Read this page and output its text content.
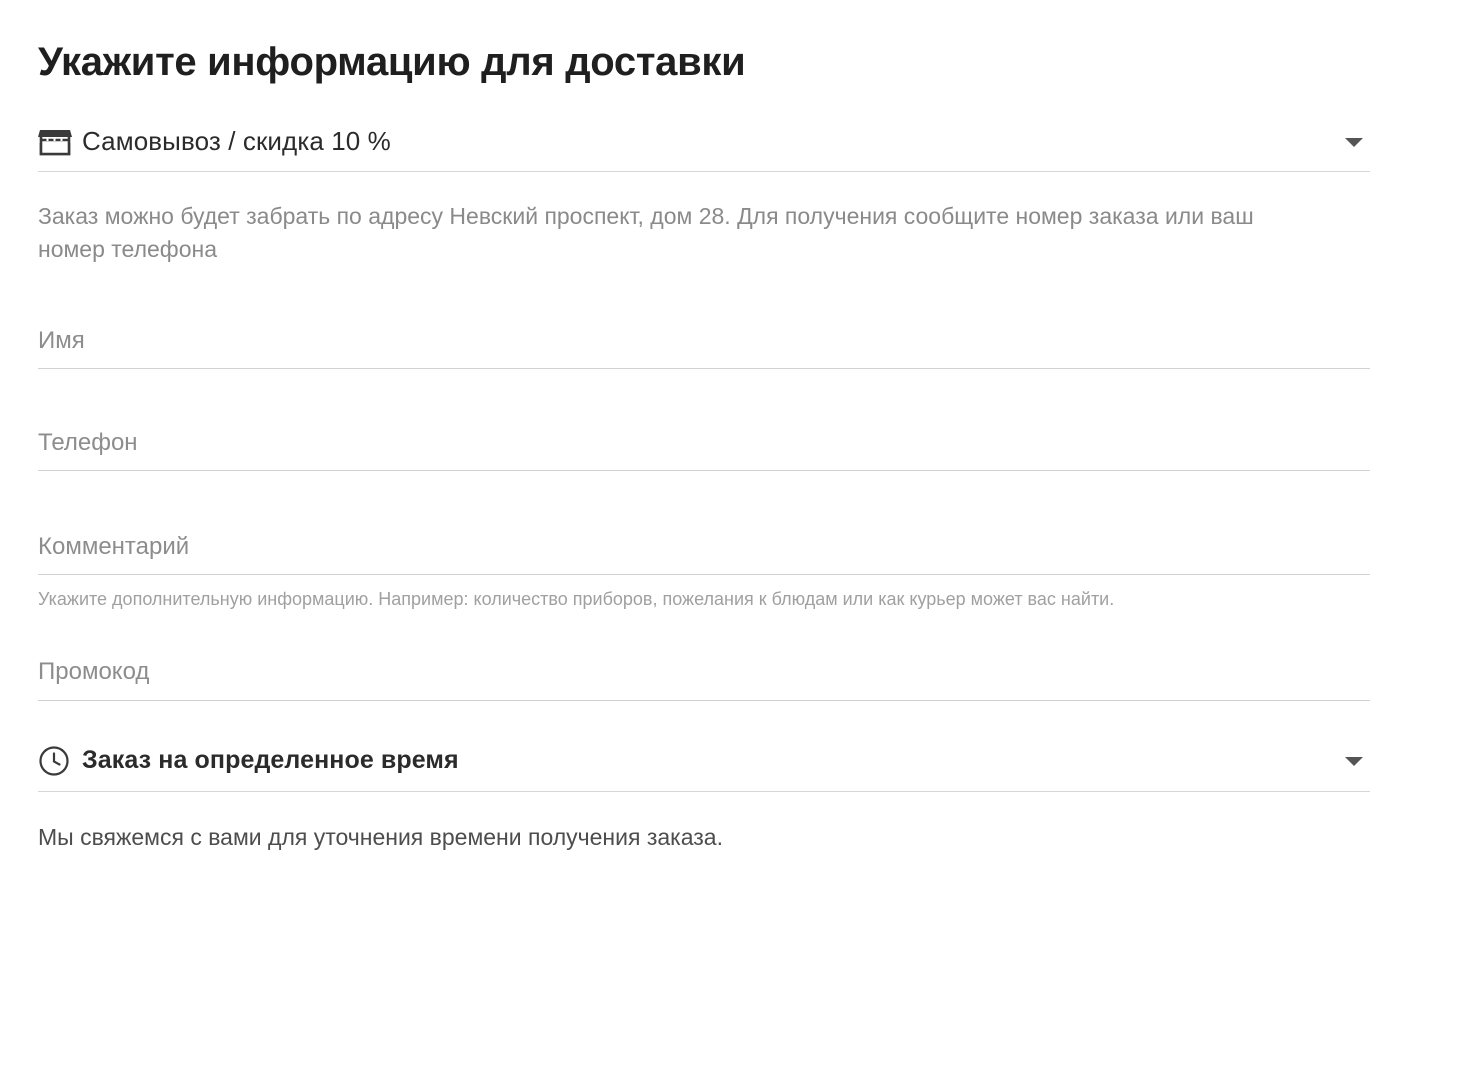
Укажите информацию для доставки
Самовывоз / скидка 10 %
Заказ можно будет забрать по адресу Невский проспект, дом 28. Для получения сообщите номер заказа или ваш номер телефона
Имя
Телефон
Комментарий
Укажите дополнительную информацию. Например: количество приборов, пожелания к блюдам или как курьер может вас найти.
Промокод
Заказ на определенное время
Мы свяжемся с вами для уточнения времени получения заказа.
